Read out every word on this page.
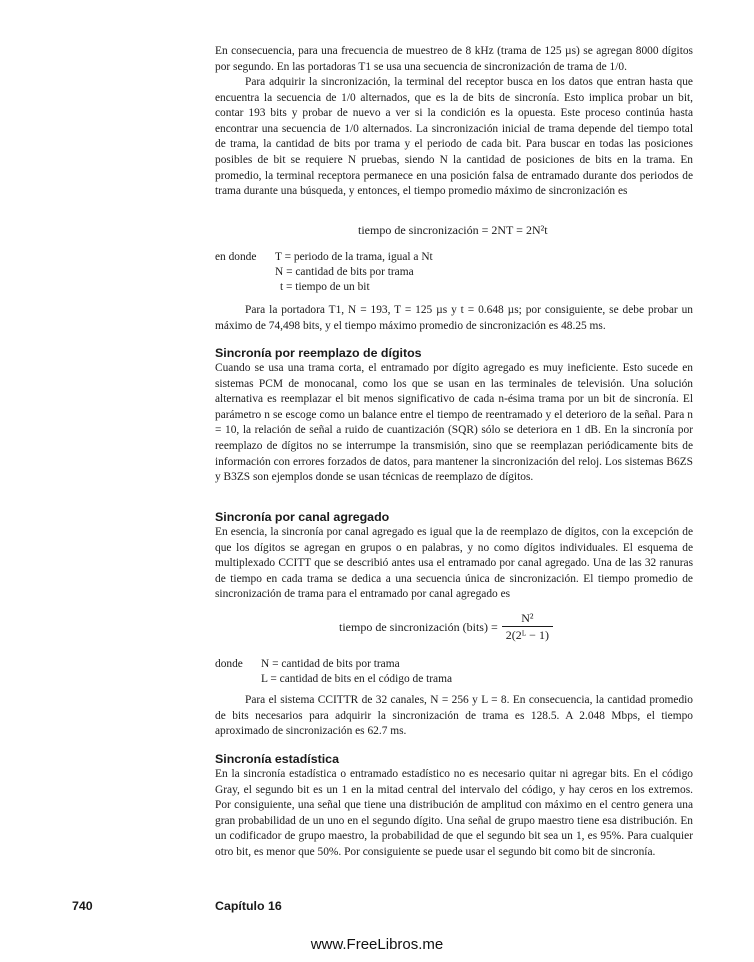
En consecuencia, para una frecuencia de muestreo de 8 kHz (trama de 125 µs) se agregan 8000 dígitos por segundo. En las portadoras T1 se usa una secuencia de sincronización de trama de 1/0.

Para adquirir la sincronización, la terminal del receptor busca en los datos que entran hasta que encuentra la secuencia de 1/0 alternados, que es la de bits de sincronía. Esto implica probar un bit, contar 193 bits y probar de nuevo a ver si la condición es la opuesta. Este proceso continúa hasta encontrar una secuencia de 1/0 alternados. La sincronización inicial de trama depende del tiempo total de trama, la cantidad de bits por trama y el periodo de cada bit. Para buscar en todas las posiciones posibles de bit se requiere N pruebas, siendo N la cantidad de posiciones de bits en la trama. En promedio, la terminal receptora permanece en una posición falsa de entramado durante dos periodos de trama durante una búsqueda, y entonces, el tiempo promedio máximo de sincronización es

tiempo de sincronización = 2NT = 2N²t
en donde T = periodo de la trama, igual a Nt
N = cantidad de bits por trama
t = tiempo de un bit

Para la portadora T1, N = 193, T = 125 µs y t = 0.648 µs; por consiguiente, se debe probar un máximo de 74,498 bits, y el tiempo máximo promedio de sincronización es 48.25 ms.

Sincronía por reemplazo de dígitos

Cuando se usa una trama corta, el entramado por dígito agregado es muy ineficiente. Esto sucede en sistemas PCM de monocanal, como los que se usan en las terminales de televisión. Una solución alternativa es reemplazar el bit menos significativo de cada n-ésima trama por un bit de sincronía. El parámetro n se escoge como un balance entre el tiempo de reentramado y el deterioro de la señal. Para n = 10, la relación de señal a ruido de cuantización (SQR) sólo se deteriora en 1 dB. En la sincronía por reemplazo de dígitos no se interrumpe la transmisión, sino que se reemplazan periódicamente bits de información con errores forzados de datos, para mantener la sincronización del reloj. Los sistemas B6ZS y B3ZS son ejemplos donde se usan técnicas de reemplazo de dígitos.

Sincronía por canal agregado

En esencia, la sincronía por canal agregado es igual que la de reemplazo de dígitos, con la excepción de que los dígitos se agregan en grupos o en palabras, y no como dígitos individuales. El esquema de multiplexado CCITT que se describió antes usa el entramado por canal agregado. Una de las 32 ranuras de tiempo en cada trama se dedica a una secuencia única de sincronización. El tiempo promedio de sincronización de trama para el entramado por canal agregado es

tiempo de sincronización (bits) = $\frac{\text{N²}}{\text{2(2ᴸ − 1)}}$
donde N = cantidad de bits por trama
L = cantidad de bits en el código de trama

Para el sistema CCITTR de 32 canales, N = 256 y L = 8. En consecuencia, la cantidad promedio de bits necesarios para adquirir la sincronización de trama es 128.5. A 2.048 Mbps, el tiempo aproximado de sincronización es 62.7 ms.

Sincronía estadística

En la sincronía estadística o entramado estadístico no es necesario quitar ni agregar bits. En el código Gray, el segundo bit es un 1 en la mitad central del intervalo del código, y hay ceros en los extremos. Por consiguiente, una señal que tiene una distribución de amplitud con máximo en el centro genera una gran probabilidad de un uno en el segundo dígito. Una señal de grupo maestro tiene esa distribución. En un codificador de grupo maestro, la probabilidad de que el segundo bit sea un 1, es 95%. Para cualquier otro bit, es menor que 50%. Por consiguiente se puede usar el segundo bit como bit de sincronía.

740	Capítulo 16
www.FreeLibros.me
